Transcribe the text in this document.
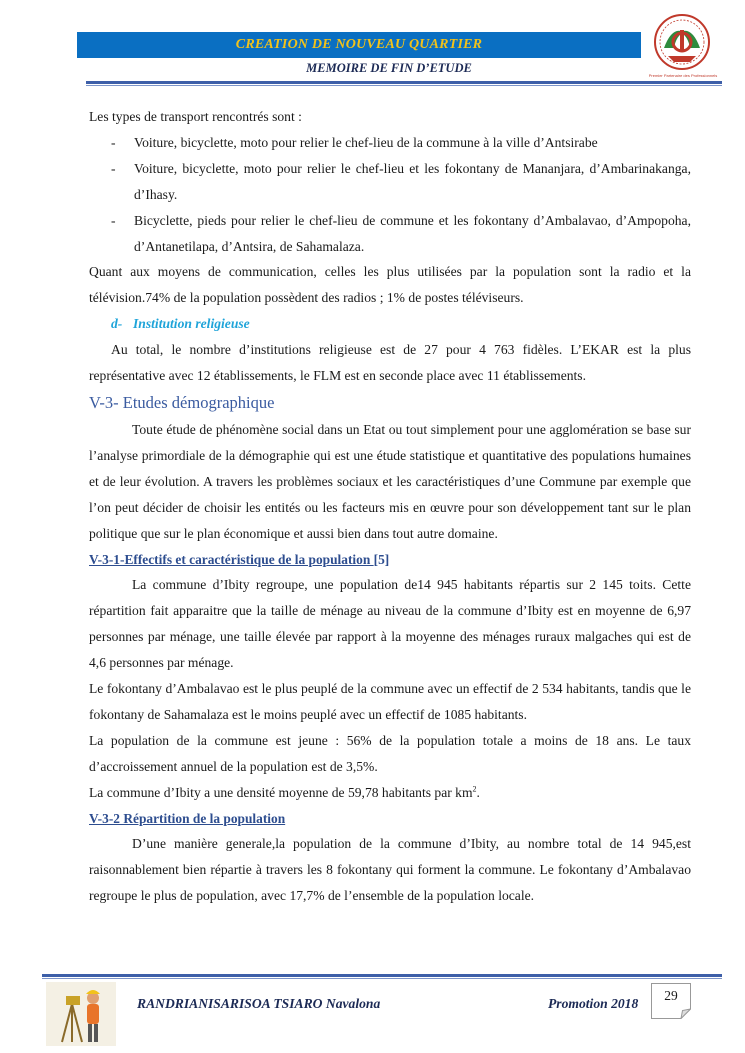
CREATION DE NOUVEAU QUARTIER
MEMOIRE DE FIN D’ETUDE
Premier Partenaire des Professionnels

Les types de transport rencontrés sont :

- Voiture, bicyclette, moto pour relier le chef-lieu de la commune à la ville d’Antsirabe
- Voiture, bicyclette, moto pour relier le chef-lieu et les fokontany de Mananjara, d’Ambarinakanga, d’Ihasy.
- Bicyclette, pieds pour relier le chef-lieu de commune et les fokontany d’Ambalavao, d’Ampopoha, d’Antanetilapa, d’Antsira, de Sahamalaza.

Quant aux moyens de communication, celles les plus utilisées par la population sont la radio et la télévision.74% de la population possèdent des radios ; 1% de postes téléviseurs.

d- Institution religieuse

Au total, le nombre d’institutions religieuse est de 27 pour 4 763 fidèles. L’EKAR est la plus représentative avec 12 établissements, le FLM est en seconde place avec 11 établissements.

V-3- Etudes démographique

Toute étude de phénomène social dans un Etat ou tout simplement pour une agglomération se base sur l’analyse primordiale de la démographie qui est une étude statistique et quantitative des populations humaines et de leur évolution. A travers les problèmes sociaux et les caractéristiques d’une Commune par exemple que l’on peut décider de choisir les entités ou les facteurs mis en œuvre pour son développement tant sur le plan politique que sur le plan économique et aussi bien dans tout autre domaine.

V-3-1-Effectifs et caractéristique de la population [5]

La commune d’Ibity regroupe, une population de14 945 habitants répartis sur 2 145 toits. Cette répartition fait apparaitre que la taille de ménage au niveau de la commune d’Ibity est en moyenne de 6,97 personnes par ménage, une taille élevée par rapport à la moyenne des ménages ruraux malgaches qui est de 4,6 personnes par ménage.

Le fokontany d’Ambalavao est le plus peuplé de la commune avec un effectif de 2 534 habitants, tandis que le fokontany de Sahamalaza est le moins peuplé avec un effectif de 1085 habitants.

La population de la commune est jeune : 56% de la population totale a moins de 18 ans. Le taux d’accroissement annuel de la population est de 3,5%.

La commune d’Ibity a une densité moyenne de 59,78 habitants par $km^2$.

V-3-2 Répartition de la population

D’une manière generale,la population de la commune d’Ibity, au nombre total de 14 945,est raisonnablement bien répartie à travers les 8 fokontany qui forment la commune. Le fokontany d’Ambalavao regroupe le plus de population, avec 17,7% de l’ensemble de la population locale.

RANDRIANISARISOA TSIARO Navalona	Promotion 2018
29
